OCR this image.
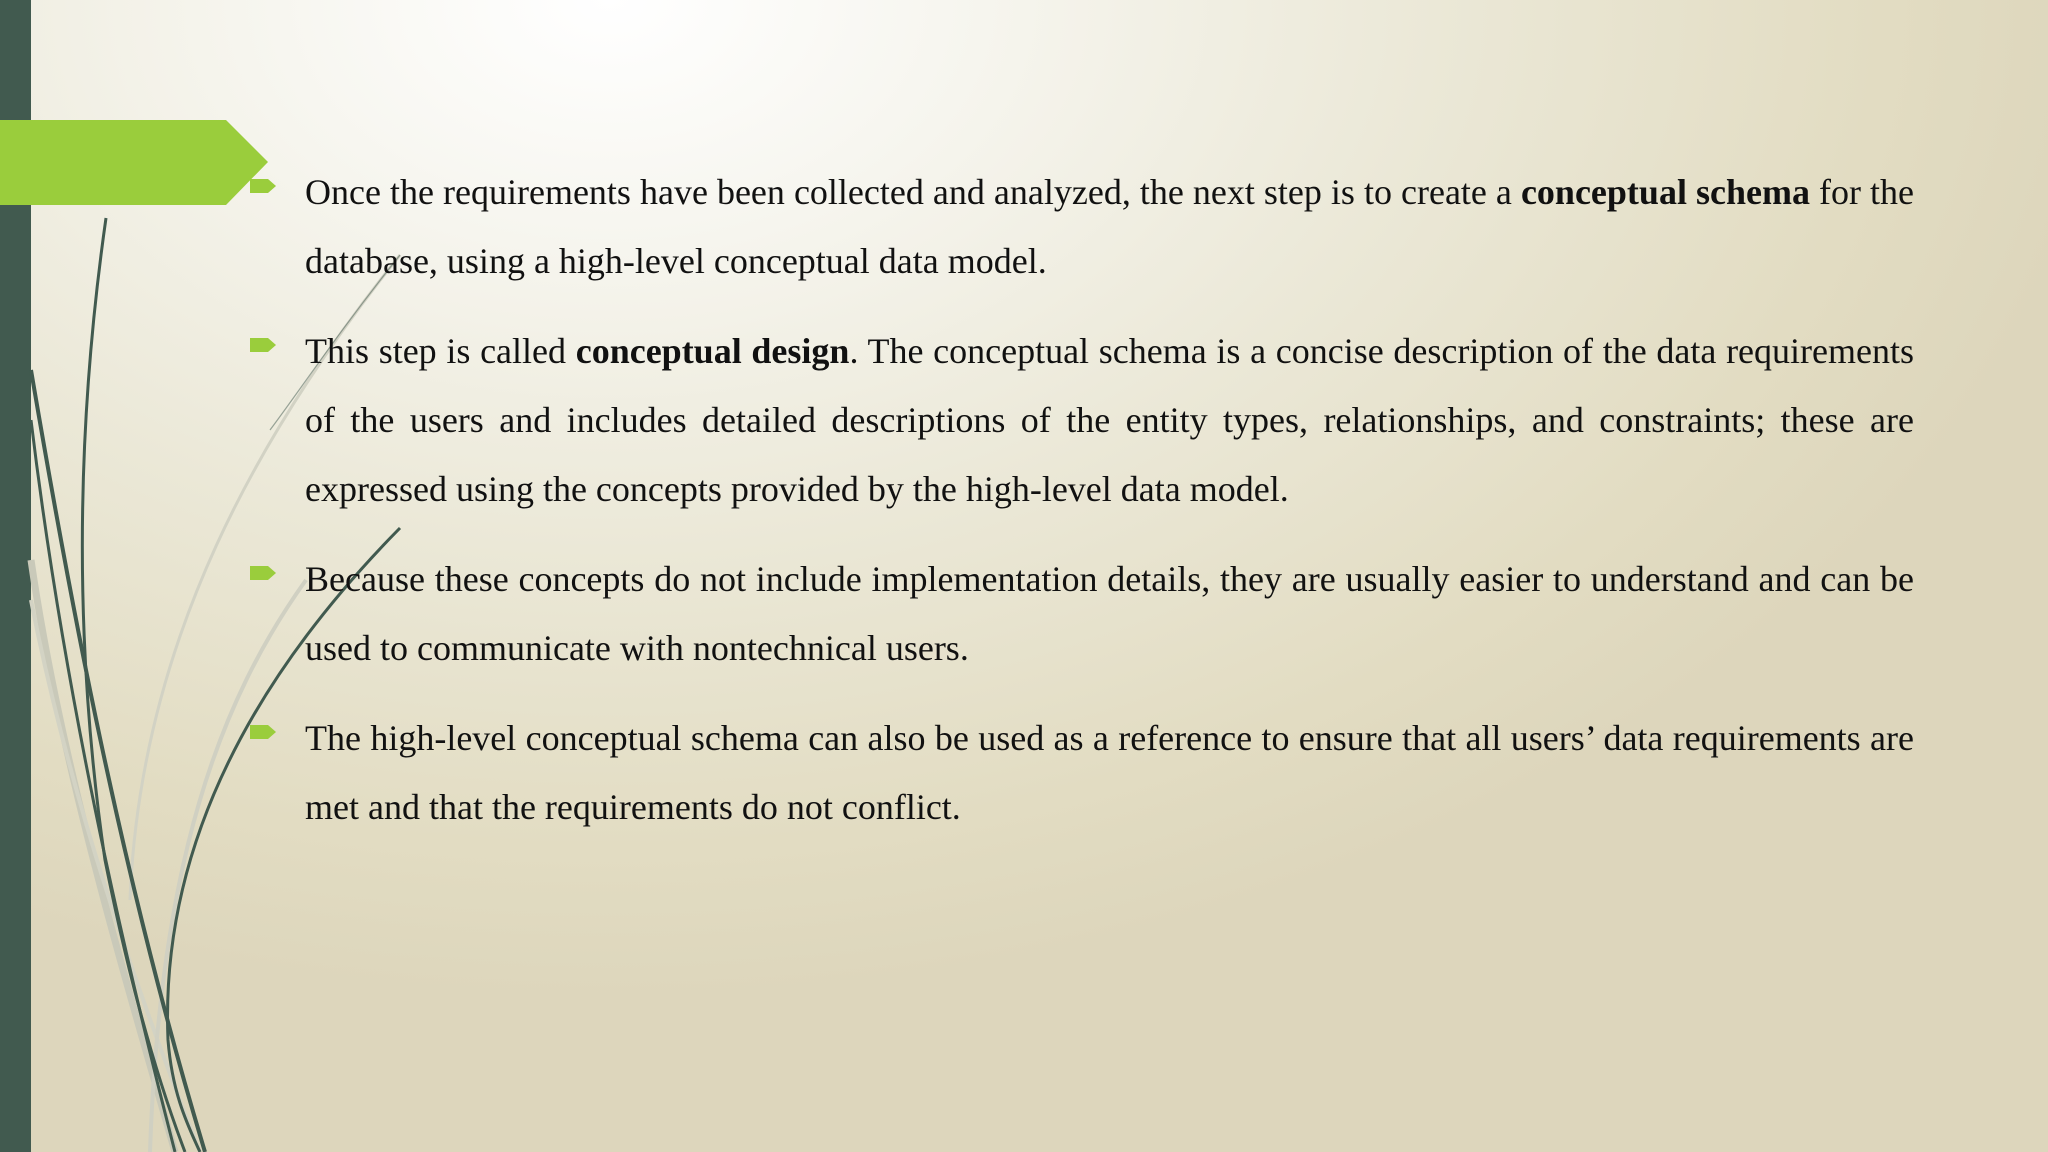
Once the requirements have been collected and analyzed, the next step is to create a conceptual schema for the database, using a high-level conceptual data model.

This step is called conceptual design. The conceptual schema is a concise description of the data requirements of the users and includes detailed descriptions of the entity types, relationships, and constraints; these are expressed using the concepts provided by the high-level data model.

Because these concepts do not include implementation details, they are usually easier to understand and can be used to communicate with nontechnical users.

The high-level conceptual schema can also be used as a reference to ensure that all users’ data requirements are met and that the requirements do not conflict.
